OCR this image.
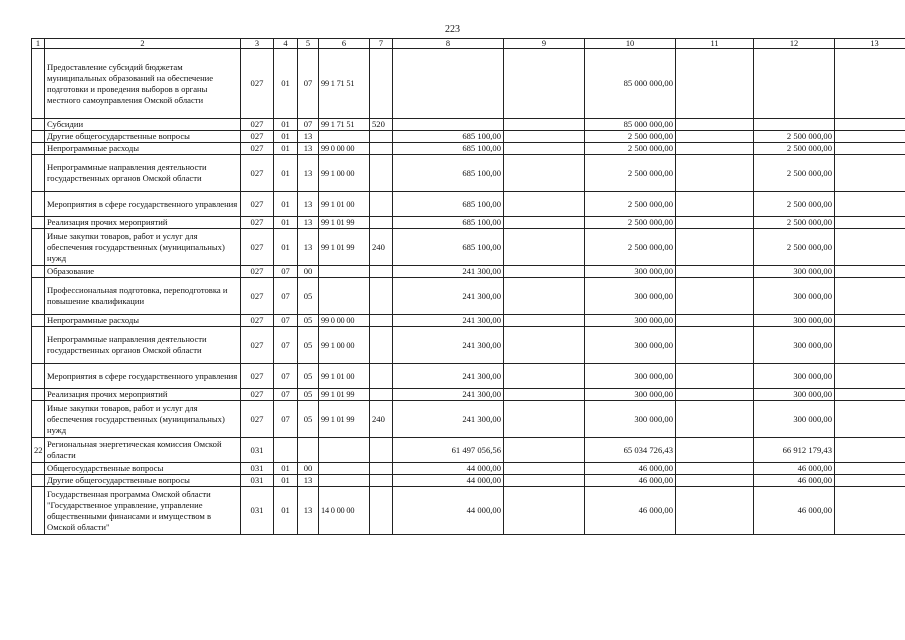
223
1	2	3	4	5	6	7	8	9	10	11	12	13
	Предоставление субсидий бюджетам муниципальных образований на обеспечение подготовки и проведения выборов в органы местного самоуправления Омской области	027	01	07	99 1 71 51				85 000 000,00			
	Субсидии	027	01	07	99 1 71 51	520			85 000 000,00			
	Другие общегосударственные вопросы	027	01	13			685 100,00		2 500 000,00		2 500 000,00	
	Непрограммные расходы	027	01	13	99 0 00 00		685 100,00		2 500 000,00		2 500 000,00	
	Непрограммные направления деятельности государственных органов Омской области	027	01	13	99 1 00 00		685 100,00		2 500 000,00		2 500 000,00	
	Мероприятия в сфере государственного управления	027	01	13	99 1 01 00		685 100,00		2 500 000,00		2 500 000,00	
	Реализация прочих мероприятий	027	01	13	99 1 01 99		685 100,00		2 500 000,00		2 500 000,00	
	Иные закупки товаров, работ и услуг для обеспечения государственных (муниципальных) нужд	027	01	13	99 1 01 99	240	685 100,00		2 500 000,00		2 500 000,00	
	Образование	027	07	00			241 300,00		300 000,00		300 000,00	
	Профессиональная подготовка, переподготовка и повышение квалификации	027	07	05			241 300,00		300 000,00		300 000,00	
	Непрограммные расходы	027	07	05	99 0 00 00		241 300,00		300 000,00		300 000,00	
	Непрограммные направления деятельности государственных органов Омской области	027	07	05	99 1 00 00		241 300,00		300 000,00		300 000,00	
	Мероприятия в сфере государственного управления	027	07	05	99 1 01 00		241 300,00		300 000,00		300 000,00	
	Реализация прочих мероприятий	027	07	05	99 1 01 99		241 300,00		300 000,00		300 000,00	
	Иные закупки товаров, работ и услуг для обеспечения государственных (муниципальных) нужд	027	07	05	99 1 01 99	240	241 300,00		300 000,00		300 000,00	
22	Региональная энергетическая комиссия Омской области	031					61 497 056,56		65 034 726,43		66 912 179,43	
	Общегосударственные вопросы	031	01	00			44 000,00		46 000,00		46 000,00	
	Другие общегосударственные вопросы	031	01	13			44 000,00		46 000,00		46 000,00	
	Государственная программа Омской области "Государственное управление, управление общественными финансами и имуществом в Омской области"	031	01	13	14 0 00 00		44 000,00		46 000,00		46 000,00	
